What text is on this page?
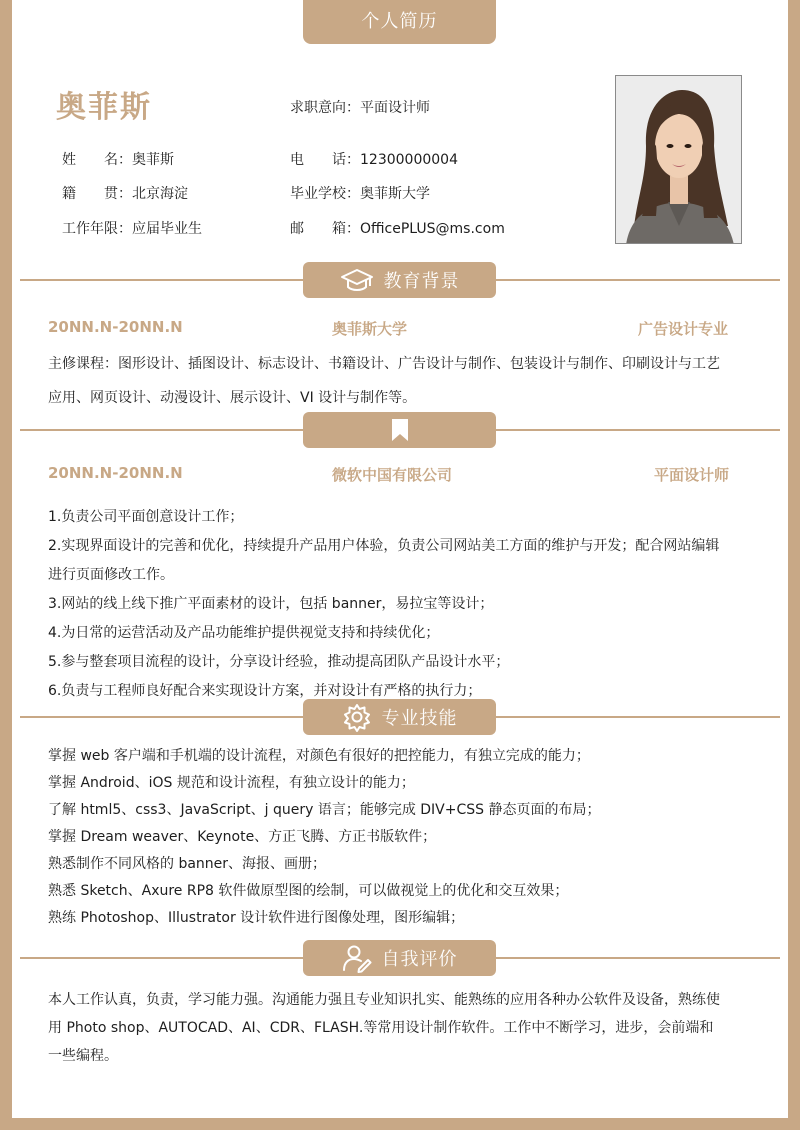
个人简历
奥菲斯	求职意向：平面设计师
姓　　名：奥菲斯	电　　话：12300000004
籍　　贯：北京海淀	毕业学校：奥菲斯大学
工作年限：应届毕业生	邮　　箱：OfficePLUS@ms.com
教育背景
20NN.N-20NN.N	奥菲斯大学	广告设计专业
主修课程：图形设计、插图设计、标志设计、书籍设计、广告设计与制作、包装设计与制作、印刷设计与工艺
应用、网页设计、动漫设计、展示设计、VI 设计与制作等。
20NN.N-20NN.N	微软中国有限公司	平面设计师
1.负责公司平面创意设计工作；
2.实现界面设计的完善和优化，持续提升产品用户体验，负责公司网站美工方面的维护与开发；配合网站编辑
进行页面修改工作。
3.网站的线上线下推广平面素材的设计，包括 banner，易拉宝等设计；
4.为日常的运营活动及产品功能维护提供视觉支持和持续优化；
5.参与整套项目流程的设计，分享设计经验，推动提高团队产品设计水平；
6.负责与工程师良好配合来实现设计方案，并对设计有严格的执行力；
专业技能
掌握 web 客户端和手机端的设计流程，对颜色有很好的把控能力，有独立完成的能力；
掌握 Android、iOS 规范和设计流程，有独立设计的能力；
了解 html5、css3、JavaScript、j query 语言；能够完成 DIV+CSS 静态页面的布局；
掌握 Dream weaver、Keynote、方正飞腾、方正书版软件；
熟悉制作不同风格的 banner、海报、画册；
熟悉 Sketch、Axure RP8 软件做原型图的绘制，可以做视觉上的优化和交互效果；
熟练 Photoshop、Illustrator 设计软件进行图像处理，图形编辑；
自我评价
本人工作认真，负责，学习能力强。沟通能力强且专业知识扎实、能熟练的应用各种办公软件及设备，熟练使
用 Photo shop、AUTOCAD、AI、CDR、FLASH.等常用设计制作软件。工作中不断学习，进步，会前端和
一些编程。
